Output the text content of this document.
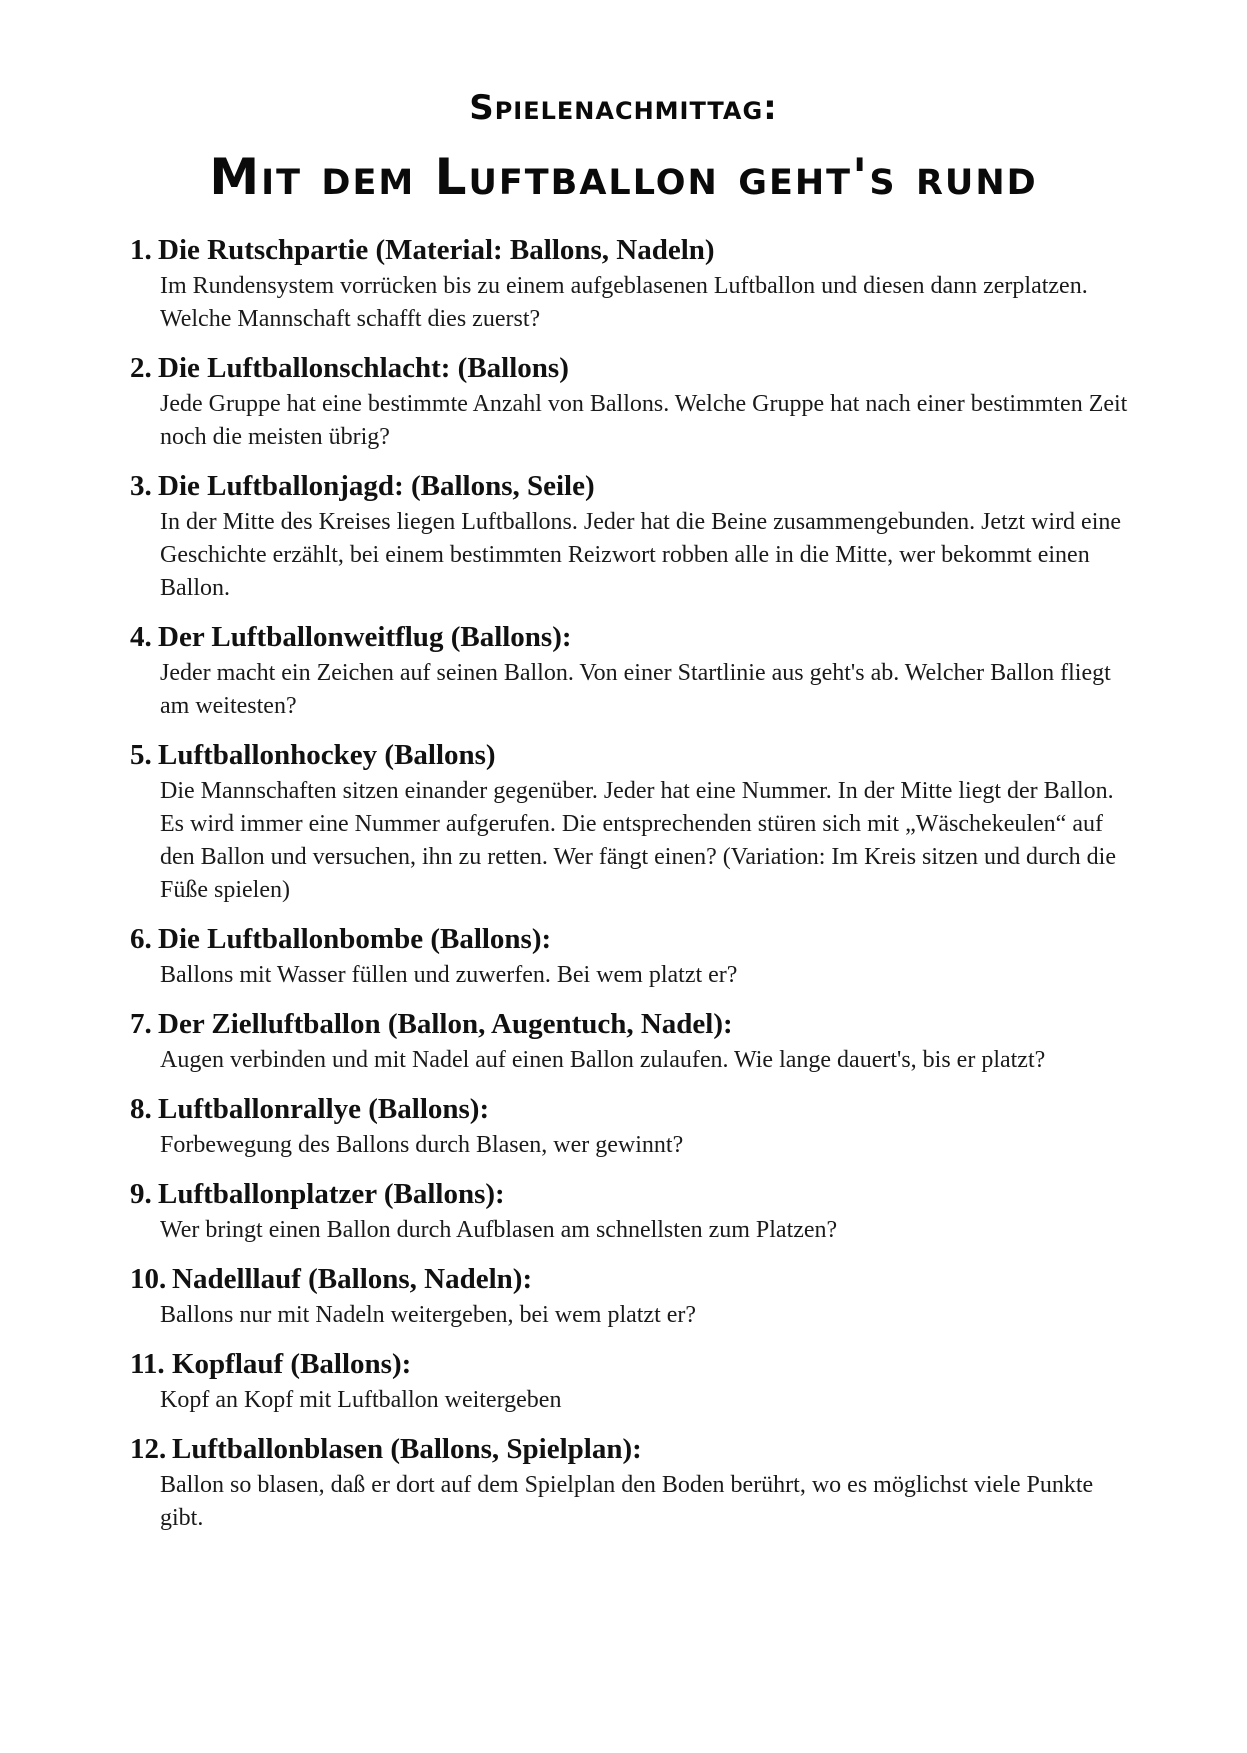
Spielenachmittag:
Mit dem Luftballon geht's rund
1. Die Rutschpartie (Material: Ballons, Nadeln)
Im Rundensystem vorrücken bis zu einem aufgeblasenen Luftballon und diesen dann zerplatzen. Welche Mannschaft schafft dies zuerst?
2. Die Luftballonschlacht: (Ballons)
Jede Gruppe hat eine bestimmte Anzahl von Ballons. Welche Gruppe hat nach einer bestimmten Zeit noch die meisten übrig?
3. Die Luftballonjagd: (Ballons, Seile)
In der Mitte des Kreises liegen Luftballons. Jeder hat die Beine zusammengebunden. Jetzt wird eine Geschichte erzählt, bei einem bestimmten Reizwort robben alle in die Mitte, wer bekommt einen Ballon.
4. Der Luftballonweitflug (Ballons):
Jeder macht ein Zeichen auf seinen Ballon. Von einer Startlinie aus geht's ab. Welcher Ballon fliegt am weitesten?
5. Luftballonhockey (Ballons)
Die Mannschaften sitzen einander gegenüber. Jeder hat eine Nummer. In der Mitte liegt der Ballon. Es wird immer eine Nummer aufgerufen. Die entsprechenden stüren sich mit „Wäschekeulen“ auf den Ballon und versuchen, ihn zu retten. Wer fängt einen? (Variation: Im Kreis sitzen und durch die Füße spielen)
6. Die Luftballonbombe (Ballons):
Ballons mit Wasser füllen und zuwerfen. Bei wem platzt er?
7. Der Zielluftballon (Ballon, Augentuch, Nadel):
Augen verbinden und mit Nadel auf einen Ballon zulaufen. Wie lange dauert's, bis er platzt?
8. Luftballonrallye (Ballons):
Forbewegung des Ballons durch Blasen, wer gewinnt?
9. Luftballonplatzer (Ballons):
Wer bringt einen Ballon durch Aufblasen am schnellsten zum Platzen?
10. Nadelllauf (Ballons, Nadeln):
Ballons nur mit Nadeln weitergeben, bei wem platzt er?
11. Kopflauf (Ballons):
Kopf an Kopf mit Luftballon weitergeben
12. Luftballonblasen (Ballons, Spielplan):
Ballon so blasen, daß er dort auf dem Spielplan den Boden berührt, wo es möglichst viele Punkte gibt.
